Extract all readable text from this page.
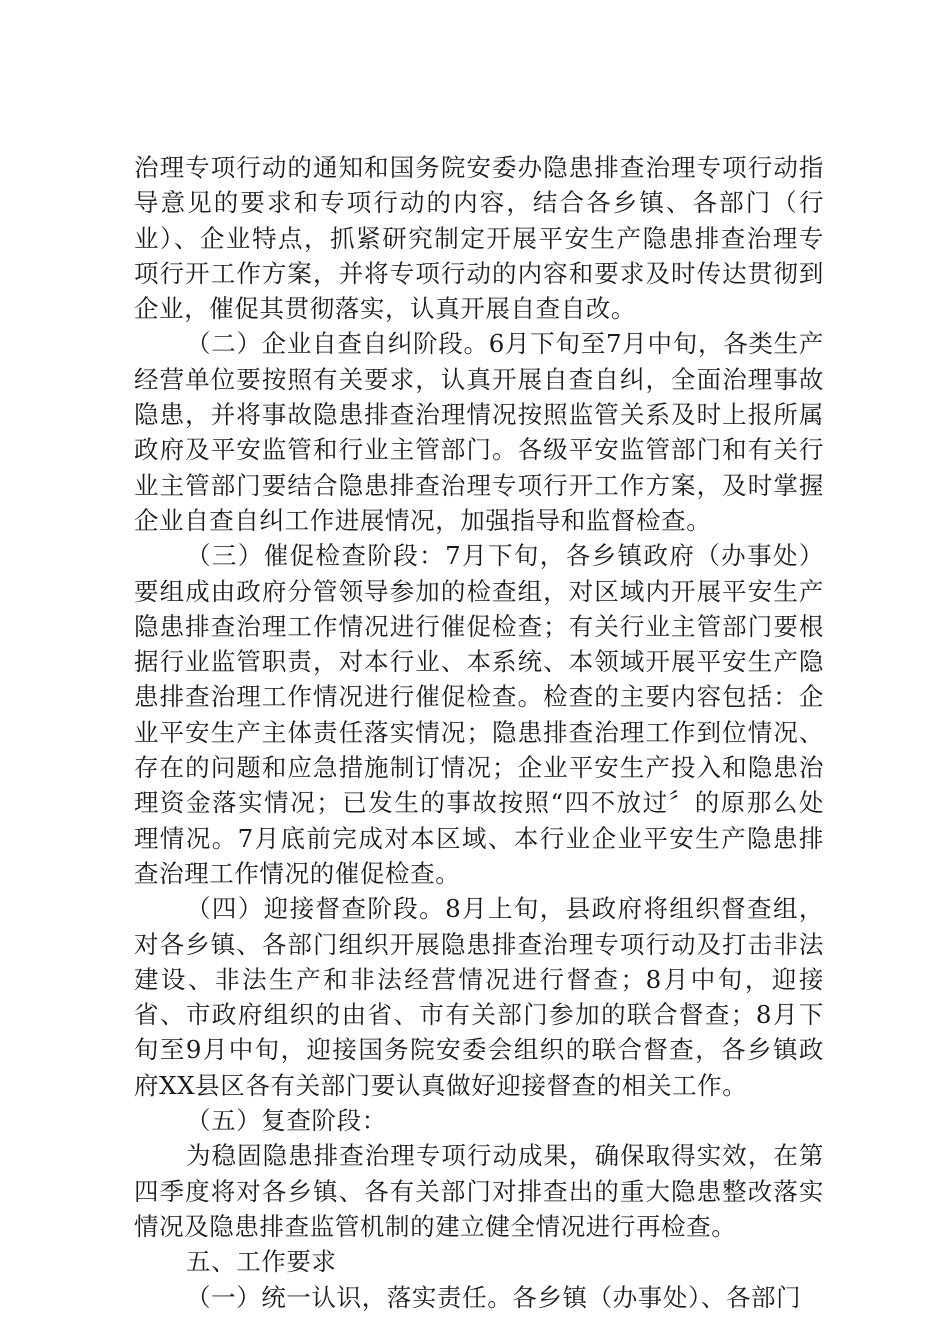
治理专项行动的通知和国务院安委办隐患排查治理专项行动指导意见的要求和专项行动的内容，结合各乡镇、各部门（行业）、企业特点，抓紧研究制定开展平安生产隐患排查治理专项行开工作方案，并将专项行动的内容和要求及时传达贯彻到企业，催促其贯彻落实，认真开展自查自改。

（二）企业自查自纠阶段。6月下旬至7月中旬，各类生产经营单位要按照有关要求，认真开展自查自纠，全面治理事故隐患，并将事故隐患排查治理情况按照监管关系及时上报所属政府及平安监管和行业主管部门。各级平安监管部门和有关行业主管部门要结合隐患排查治理专项行开工作方案，及时掌握企业自查自纠工作进展情况，加强指导和监督检查。

（三）催促检查阶段：7月下旬，各乡镇政府（办事处）要组成由政府分管领导参加的检查组，对区域内开展平安生产隐患排查治理工作情况进行催促检查；有关行业主管部门要根据行业监管职责，对本行业、本系统、本领域开展平安生产隐患排查治理工作情况进行催促检查。检查的主要内容包括：企业平安生产主体责任落实情况；隐患排查治理工作到位情况、存在的问题和应急措施制订情况；企业平安生产投入和隐患治理资金落实情况；已发生的事故按照“四不放过〞的原那么处理情况。7月底前完成对本区域、本行业企业平安生产隐患排查治理工作情况的催促检查。

（四）迎接督查阶段。8月上旬，县政府将组织督查组，对各乡镇、各部门组织开展隐患排查治理专项行动及打击非法建设、非法生产和非法经营情况进行督查；8月中旬，迎接省、市政府组织的由省、市有关部门参加的联合督查；8月下旬至9月中旬，迎接国务院安委会组织的联合督查，各乡镇政府XX县区各有关部门要认真做好迎接督查的相关工作。

（五）复查阶段：

为稳固隐患排查治理专项行动成果，确保取得实效，在第四季度将对各乡镇、各有关部门对排查出的重大隐患整改落实情况及隐患排查监管机制的建立健全情况进行再检查。

五、工作要求

（一）统一认识，落实责任。各乡镇（办事处）、各部门
